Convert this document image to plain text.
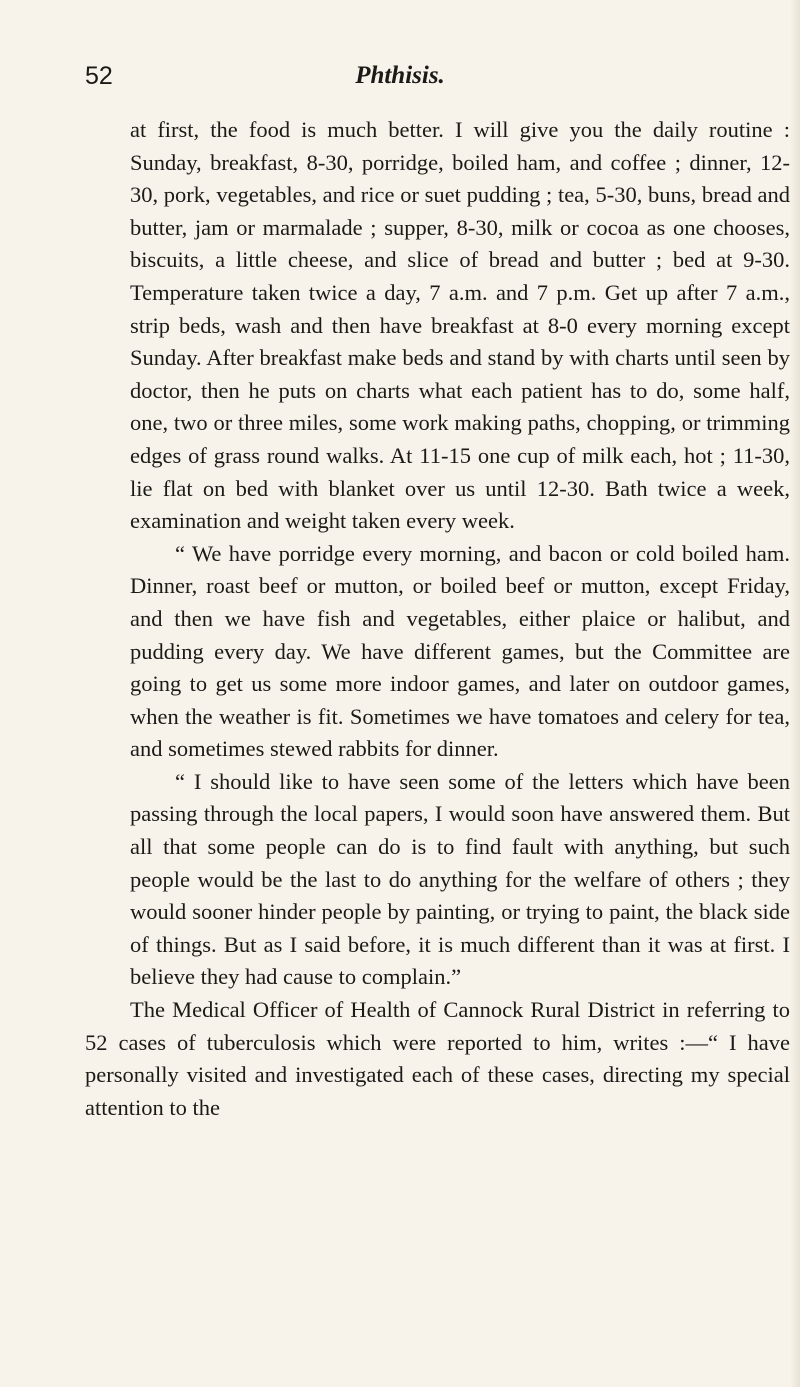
52	Phthisis.

at first, the food is much better. I will give you the daily routine : Sunday, breakfast, 8-30, porridge, boiled ham, and coffee ; dinner, 12-30, pork, vegetables, and rice or suet pudding ; tea, 5-30, buns, bread and butter, jam or marmalade ; supper, 8-30, milk or cocoa as one chooses, biscuits, a little cheese, and slice of bread and butter ; bed at 9-30. Temperature taken twice a day, 7 a.m. and 7 p.m. Get up after 7 a.m., strip beds, wash and then have breakfast at 8-0 every morning except Sunday. After breakfast make beds and stand by with charts until seen by doctor, then he puts on charts what each patient has to do, some half, one, two or three miles, some work making paths, chopping, or trimming edges of grass round walks. At 11-15 one cup of milk each, hot ; 11-30, lie flat on bed with blanket over us until 12-30. Bath twice a week, examination and weight taken every week.

“ We have porridge every morning, and bacon or cold boiled ham. Dinner, roast beef or mutton, or boiled beef or mutton, except Friday, and then we have fish and vegetables, either plaice or halibut, and pudding every day. We have different games, but the Committee are going to get us some more indoor games, and later on outdoor games, when the weather is fit. Sometimes we have tomatoes and celery for tea, and sometimes stewed rabbits for dinner.

“ I should like to have seen some of the letters which have been passing through the local papers, I would soon have answered them. But all that some people can do is to find fault with anything, but such people would be the last to do anything for the welfare of others ; they would sooner hinder people by painting, or trying to paint, the black side of things. But as I said before, it is much different than it was at first. I believe they had cause to complain.”

The Medical Officer of Health of Cannock Rural District in referring to 52 cases of tuberculosis which were reported to him, writes :—“ I have personally visited and investigated each of these cases, directing my special attention to the
